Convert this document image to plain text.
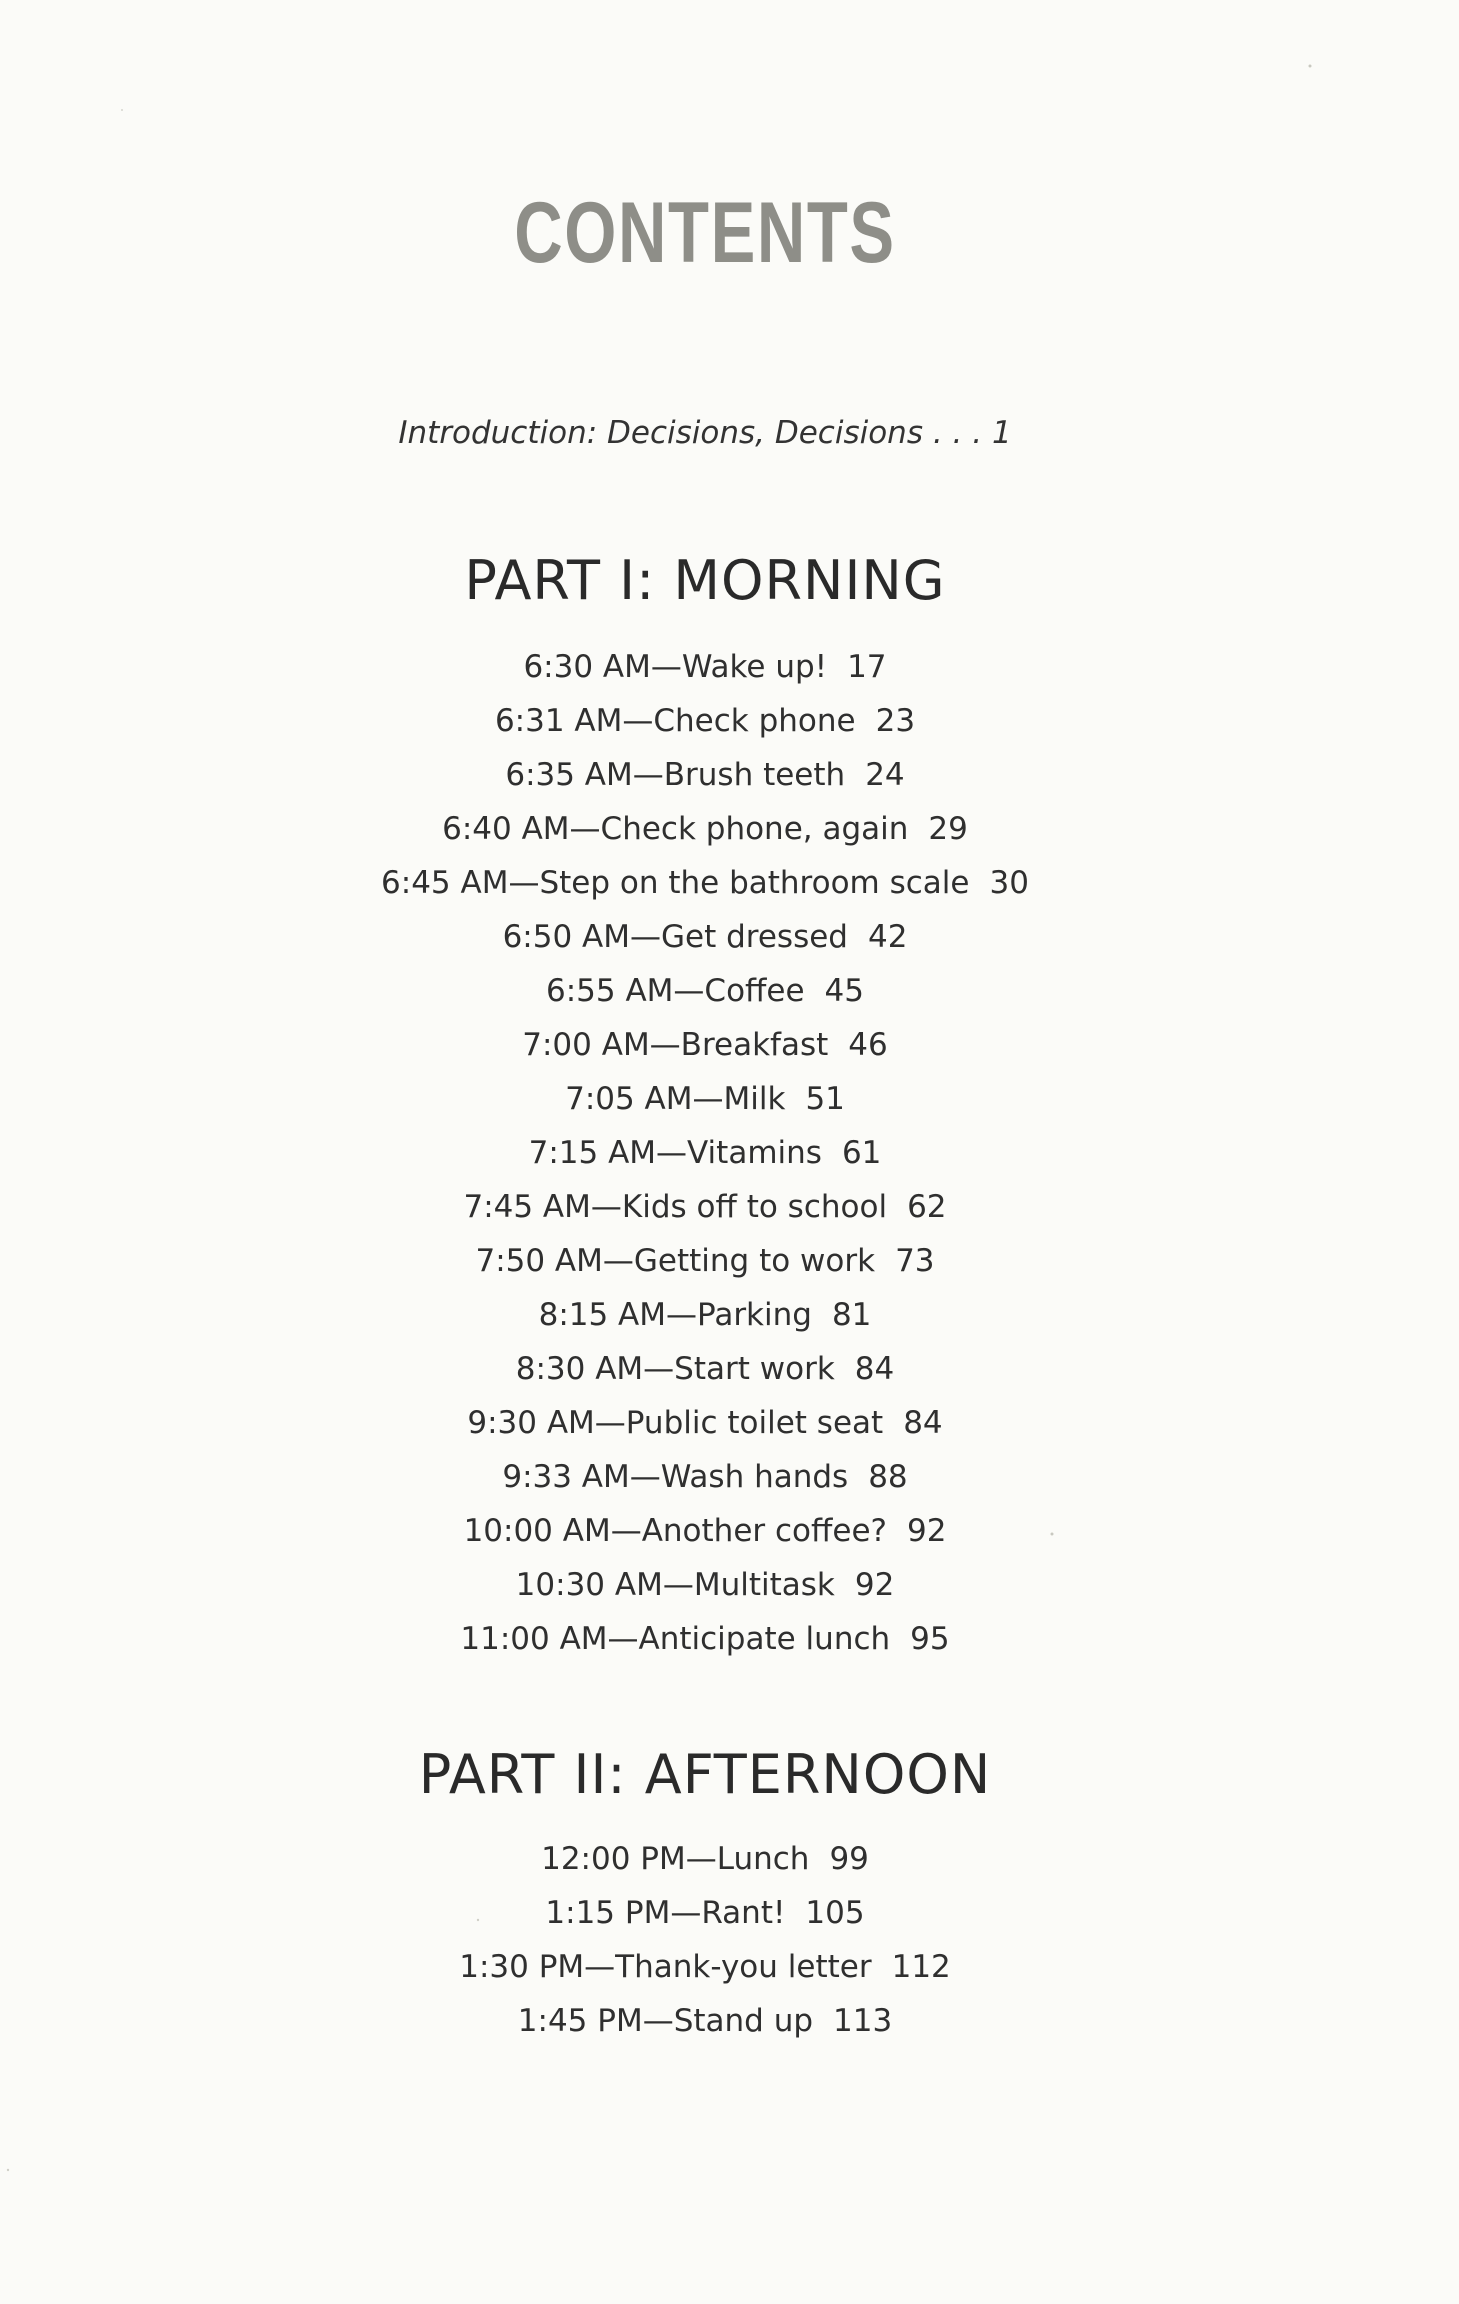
CONTENTS
Introduction: Decisions, Decisions . . . 1
PART I: MORNING
6:30 AM—Wake up! 17
6:31 AM—Check phone 23
6:35 AM—Brush teeth 24
6:40 AM—Check phone, again 29
6:45 AM—Step on the bathroom scale 30
6:50 AM—Get dressed 42
6:55 AM—Coffee 45
7:00 AM—Breakfast 46
7:05 AM—Milk 51
7:15 AM—Vitamins 61
7:45 AM—Kids off to school 62
7:50 AM—Getting to work 73
8:15 AM—Parking 81
8:30 AM—Start work 84
9:30 AM—Public toilet seat 84
9:33 AM—Wash hands 88
10:00 AM—Another coffee? 92
10:30 AM—Multitask 92
11:00 AM—Anticipate lunch 95
PART II: AFTERNOON
12:00 PM—Lunch 99
1:15 PM—Rant! 105
1:30 PM—Thank-you letter 112
1:45 PM—Stand up 113
